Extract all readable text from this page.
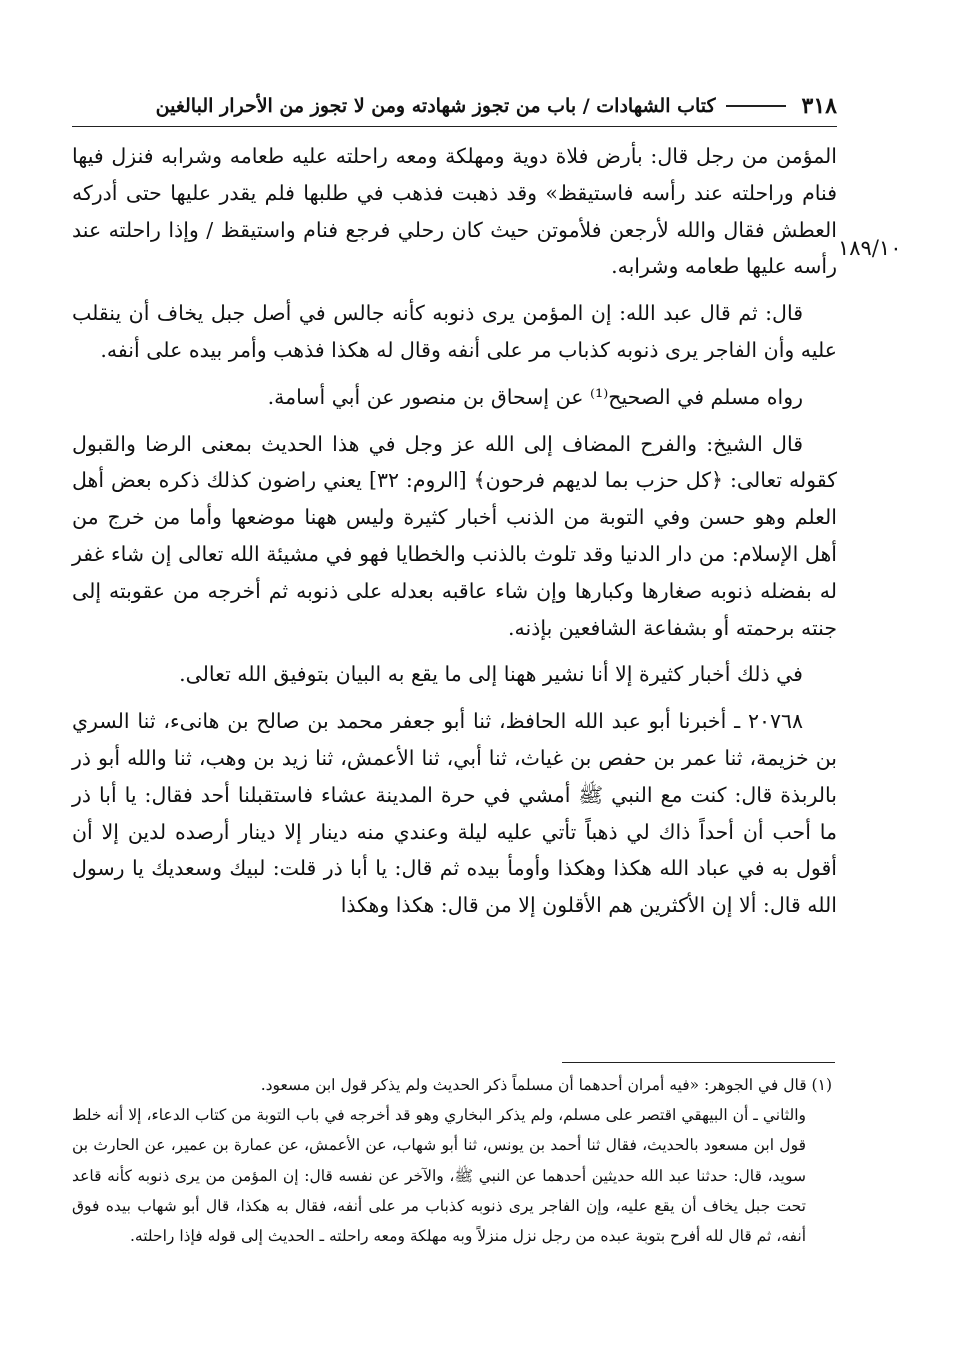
٣١٨
كتاب الشهادات / باب من تجوز شهادته ومن لا تجوز من الأحرار البالغين
١٨٩/١٠

المؤمن من رجل قال: بأرض فلاة دوية ومهلكة ومعه راحلته عليه طعامه وشرابه فنزل فيها فنام وراحلته عند رأسه فاستيقظ» وقد ذهبت فذهب في طلبها فلم يقدر عليها حتى أدركه العطش فقال والله لأرجعن فلأموتن حيث كان رحلي فرجع فنام واستيقظ / وإذا راحلته عند رأسه عليها طعامه وشرابه.

قال: ثم قال عبد الله: إن المؤمن يرى ذنوبه كأنه جالس في أصل جبل يخاف أن ينقلب عليه وأن الفاجر يرى ذنوبه كذباب مر على أنفه وقال له هكذا فذهب وأمر بيده على أنفه.

رواه مسلم في الصحيح⁽¹⁾ عن إسحاق بن منصور عن أبي أسامة.

قال الشيخ: والفرح المضاف إلى الله عز وجل في هذا الحديث بمعنى الرضا والقبول كقوله تعالى: ﴿كل حزب بما لديهم فرحون﴾ [الروم: ٣٢] يعني راضون كذلك ذكره بعض أهل العلم وهو حسن وفي التوبة من الذنب أخبار كثيرة وليس ههنا موضعها وأما من خرج من أهل الإسلام: من دار الدنيا وقد تلوث بالذنب والخطايا فهو في مشيئة الله تعالى إن شاء غفر له بفضله ذنوبه صغارها وكبارها وإن شاء عاقبه بعدله على ذنوبه ثم أخرجه من عقوبته إلى جنته برحمته أو بشفاعة الشافعين بإذنه.

في ذلك أخبار كثيرة إلا أنا نشير ههنا إلى ما يقع به البيان بتوفيق الله تعالى.

٢٠٧٦٨ ـ أخبرنا أبو عبد الله الحافظ، ثنا أبو جعفر محمد بن صالح بن هانىء، ثنا السري بن خزيمة، ثنا عمر بن حفص بن غياث، ثنا أبي، ثنا الأعمش، ثنا زيد بن وهب، ثنا والله أبو ذر بالربذة قال: كنت مع النبي ﷺ أمشي في حرة المدينة عشاء فاستقبلنا أحد فقال: يا أبا ذر ما أحب أن أحداً ذاك لي ذهباً تأتي عليه ليلة وعندي منه دينار إلا دينار أرصده لدين إلا أن أقول به في عباد الله هكذا وهكذا وأومأ بيده ثم قال: يا أبا ذر قلت: لبيك وسعديك يا رسول الله قال: ألا إن الأكثرين هم الأقلون إلا من قال: هكذا وهكذا

(١) قال في الجوهر: «فيه أمران أحدهما أن مسلماً ذكر الحديث ولم يذكر قول ابن مسعود.

والثاني ـ أن البيهقي اقتصر على مسلم، ولم يذكر البخاري وهو قد أخرجه في باب التوبة من كتاب الدعاء، إلا أنه خلط قول ابن مسعود بالحديث، فقال ثنا أحمد بن يونس، ثنا أبو شهاب، عن الأعمش، عن عمارة بن عمير، عن الحارث بن سويد، قال: حدثنا عبد الله حديثين أحدهما عن النبي ﷺ، والآخر عن نفسه قال: إن المؤمن من يرى ذنوبه كأنه قاعد تحت جبل يخاف أن يقع عليه، وإن الفاجر يرى ذنوبه كذباب مر على أنفه، فقال به هكذا، قال أبو شهاب بيده فوق أنفه، ثم قال لله أفرح بتوبة عبده من رجل نزل منزلاً وبه مهلكة ومعه راحلته ـ الحديث إلى قوله فإذا راحلته.
